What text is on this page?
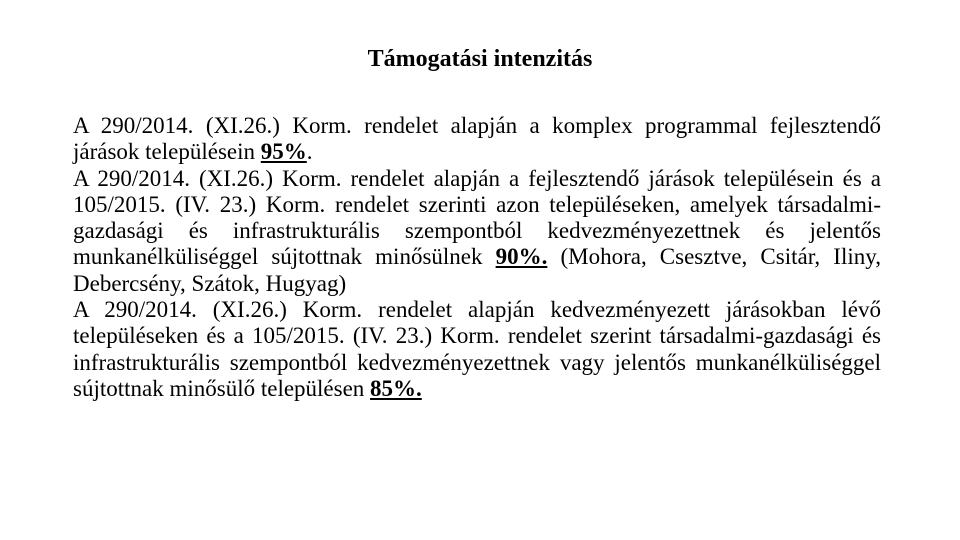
Támogatási intenzitás

A 290/2014. (XI.26.) Korm. rendelet alapján a komplex programmal fejlesztendő járások településein 95%.

A 290/2014. (XI.26.) Korm. rendelet alapján a fejlesztendő járások településein és a 105/2015. (IV. 23.) Korm. rendelet szerinti azon településeken, amelyek társadalmi-gazdasági és infrastrukturális szempontból kedvezményezettnek és jelentős munkanélküliséggel sújtottnak minősülnek 90%. (Mohora, Csesztve, Csitár, Iliny, Debercsény, Szátok, Hugyag)

A 290/2014. (XI.26.) Korm. rendelet alapján kedvezményezett járásokban lévő településeken és a 105/2015. (IV. 23.) Korm. rendelet szerint társadalmi-gazdasági és infrastrukturális szempontból kedvezményezettnek vagy jelentős munkanélküliséggel sújtottnak minősülő településen 85%.
